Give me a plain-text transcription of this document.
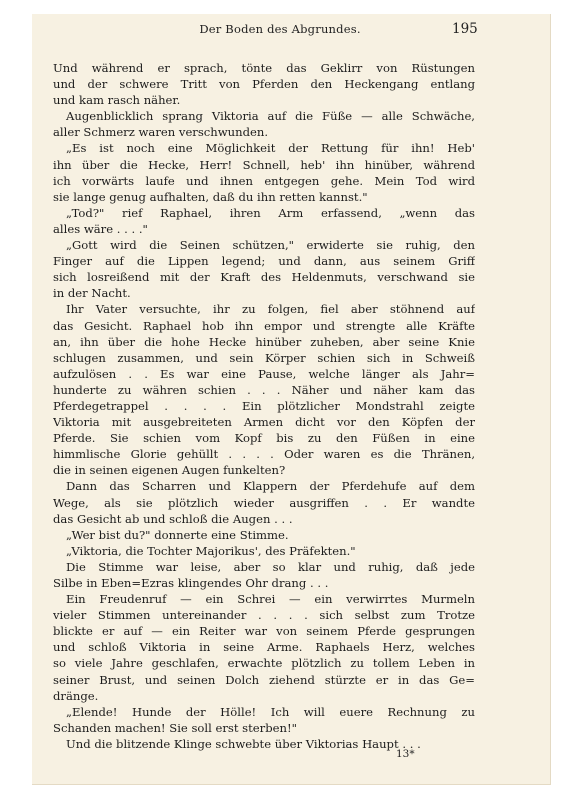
Der Boden des Abgrundes.	195
Und während er sprach, tönte das Geklirr von Rüstungen
und der schwere Tritt von Pferden den Heckengang entlang
und kam rasch näher.
Augenblicklich sprang Viktoria auf die Füße — alle Schwäche,
aller Schmerz waren verschwunden.
„Es ist noch eine Möglichkeit der Rettung für ihn! Heb'
ihn über die Hecke, Herr! Schnell, heb' ihn hinüber, während
ich vorwärts laufe und ihnen entgegen gehe. Mein Tod wird
sie lange genug aufhalten, daß du ihn retten kannst."
„Tod?" rief Raphael, ihren Arm erfassend, „wenn das
alles wäre . . . ."
„Gott wird die Seinen schützen," erwiderte sie ruhig, den
Finger auf die Lippen legend; und dann, aus seinem Griff
sich losreißend mit der Kraft des Heldenmuts, verschwand sie
in der Nacht.
Ihr Vater versuchte, ihr zu folgen, fiel aber stöhnend auf
das Gesicht. Raphael hob ihn empor und strengte alle Kräfte
an, ihn über die hohe Hecke hinüber zuheben, aber seine Knie
schlugen zusammen, und sein Körper schien sich in Schweiß
aufzulösen . . Es war eine Pause, welche länger als Jahr=
hunderte zu währen schien . . . Näher und näher kam das
Pferdegetrappel . . . . Ein plötzlicher Mondstrahl zeigte
Viktoria mit ausgebreiteten Armen dicht vor den Köpfen der
Pferde. Sie schien vom Kopf bis zu den Füßen in eine
himmlische Glorie gehüllt . . . . Oder waren es die Thränen,
die in seinen eigenen Augen funkelten?
Dann das Scharren und Klappern der Pferdehufe auf dem
Wege, als sie plötzlich wieder ausgriffen . . Er wandte
das Gesicht ab und schloß die Augen . . .
„Wer bist du?" donnerte eine Stimme.
„Viktoria, die Tochter Majorikus', des Präfekten."
Die Stimme war leise, aber so klar und ruhig, daß jede
Silbe in Eben=Ezras klingendes Ohr drang . . .
Ein Freudenruf — ein Schrei — ein verwirrtes Murmeln
vieler Stimmen untereinander . . . . sich selbst zum Trotze
blickte er auf — ein Reiter war von seinem Pferde gesprungen
und schloß Viktoria in seine Arme. Raphaels Herz, welches
so viele Jahre geschlafen, erwachte plötzlich zu tollem Leben in
seiner Brust, und seinen Dolch ziehend stürzte er in das Ge=
dränge.
„Elende! Hunde der Hölle! Ich will euere Rechnung zu
Schanden machen! Sie soll erst sterben!"
Und die blitzende Klinge schwebte über Viktorias Haupt . . .
13*
